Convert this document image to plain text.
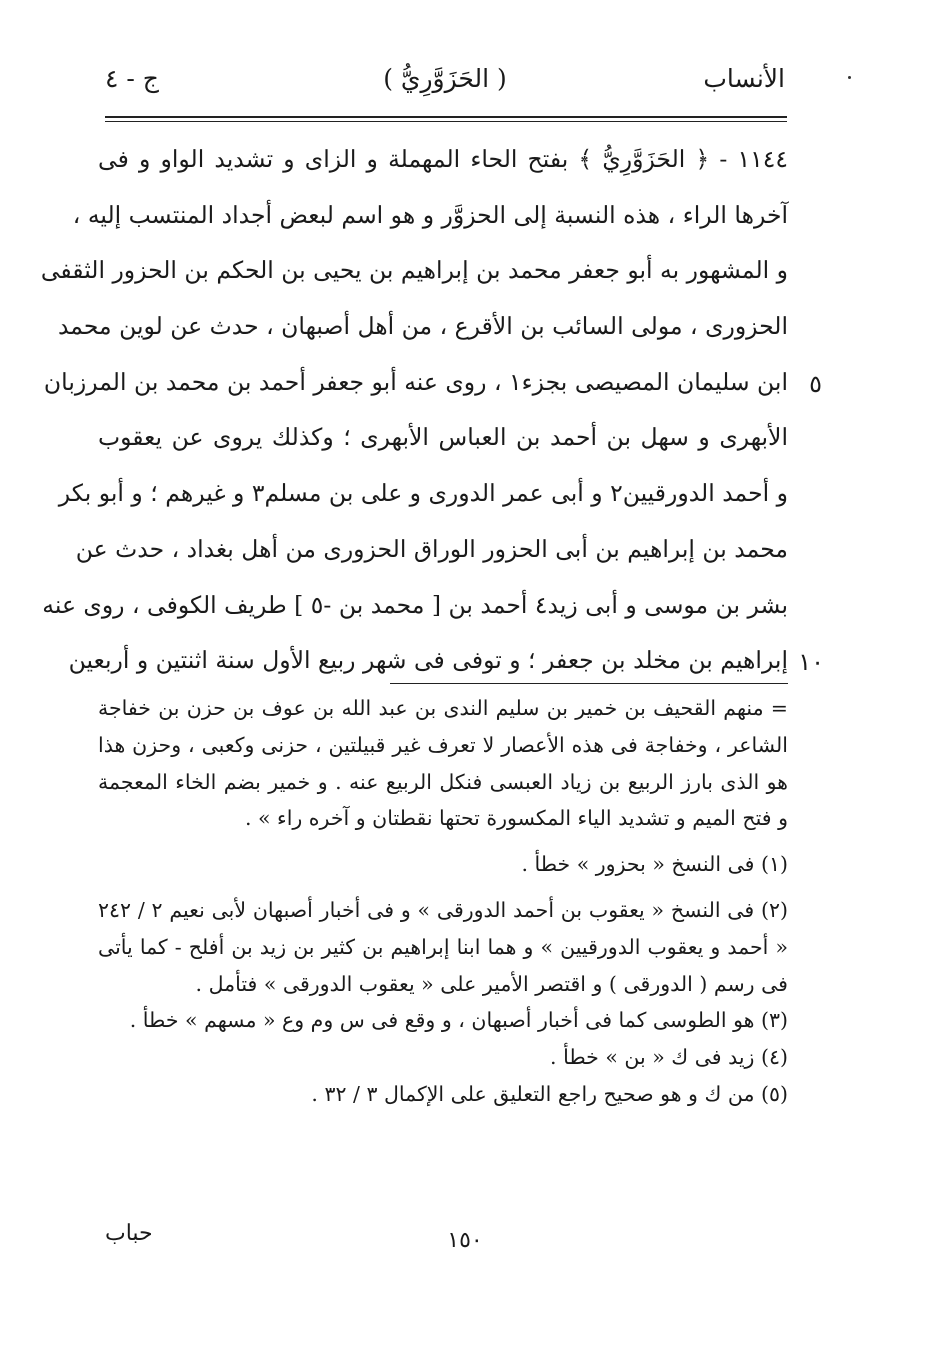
الأنساب
( الحَزَوَّرِيُّ )
ج - ٤
١١٤٤ - ﴿ الحَزَوَّرِيُّ ﴾ بفتح الحاء المهملة و الزاى و تشديد الواو و فى
آخرها الراء ، هذه النسبة إلى الحزوَّر و هو اسم لبعض أجداد المنتسب إليه ،
و المشهور به أبو جعفر محمد بن إبراهيم بن يحيى بن الحكم بن الحزور الثقفى
الحزورى ، مولى السائب بن الأقرع ، من أهل أصبهان ، حدث عن لوين محمد
ابن سليمان المصيصى بجزء١ ، روى عنه أبو جعفر أحمد بن محمد بن المرزبان
الأبهرى و سهل بن أحمد بن العباس الأبهرى ؛ وكذلك يروى عن يعقوب
و أحمد الدورقيين٢ و أبى عمر الدورى و على بن مسلم٣ و غيرهم ؛ و أبو بكر
محمد بن إبراهيم بن أبى الحزور الوراق الحزورى من أهل بغداد ، حدث عن
بشر بن موسى و أبى زيد٤ أحمد بن [ محمد بن -٥ ] طريف الكوفى ، روى عنه
إبراهيم بن مخلد بن جعفر ؛ و توفى فى شهر ربيع الأول سنة اثنتين و أربعين
٥
١٠
= منهم القحيف بن خمير بن سليم الندى بن عبد الله بن عوف بن حزن بن خفاجة
الشاعر ، وخفاجة فى هذه الأعصار لا تعرف غير قبيلتين ، حزنى وكعبى ، وحزن هذا
هو الذى بارز الربيع بن زياد العبسى فنكل الربيع عنه . و خمير بضم الخاء المعجمة
و فتح الميم و تشديد الياء المكسورة تحتها نقطتان و آخره راء » .
(١) فى النسخ « بحزور » خطأ .
(٢) فى النسخ « يعقوب بن أحمد الدورقى » و فى أخبار أصبهان لأبى نعيم ٢ / ٢٤٢
« أحمد و يعقوب الدورقيين » و هما ابنا إبراهيم بن كثير بن زيد بن أفلح - كما يأتى
فى رسم ( الدورقى ) و اقتصر الأمير على « يعقوب الدورقى » فتأمل .
(٣) هو الطوسى كما فى أخبار أصبهان ، و وقع فى س وم وع « مسهم » خطأ .
(٤) زيد فى ك « بن » خطأ .
(٥) من ك و هو صحيح راجع التعليق على الإكمال ٣ / ٣٢ .
حباب	١٥٠
